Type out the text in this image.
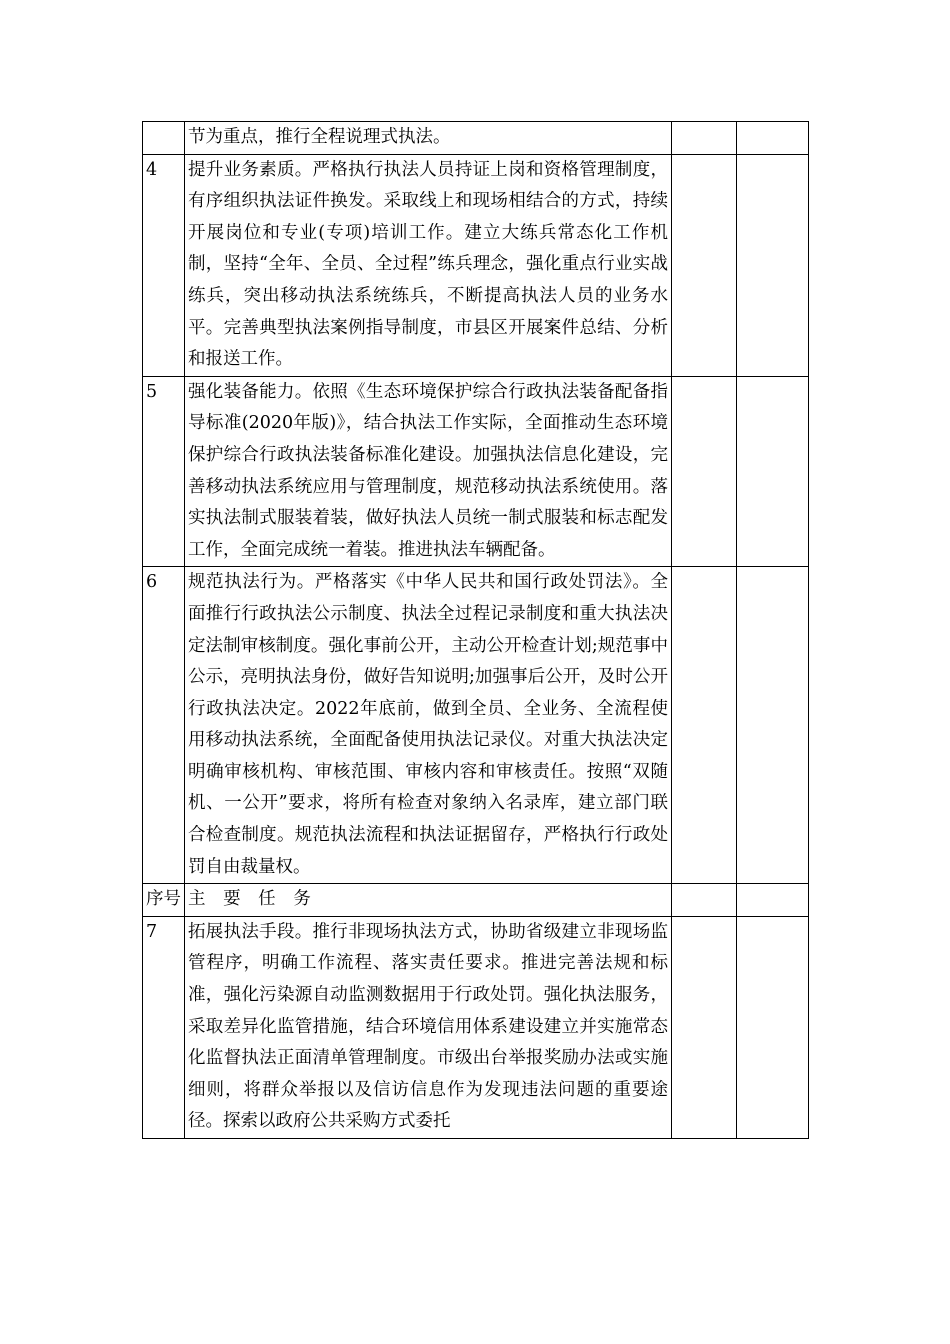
	节为重点，推行全程说理式执法。		
4	提升业务素质。严格执行执法人员持证上岗和资格管理制度，有序组织执法证件换发。采取线上和现场相结合的方式，持续开展岗位和专业(专项)培训工作。建立大练兵常态化工作机制，坚持“全年、全员、全过程”练兵理念，强化重点行业实战练兵，突出移动执法系统练兵，不断提高执法人员的业务水平。完善典型执法案例指导制度，市县区开展案件总结、分析和报送工作。		
5	强化装备能力。依照《生态环境保护综合行政执法装备配备指导标准(2020年版)》，结合执法工作实际，全面推动生态环境保护综合行政执法装备标准化建设。加强执法信息化建设，完善移动执法系统应用与管理制度，规范移动执法系统使用。落实执法制式服装着装，做好执法人员统一制式服装和标志配发工作，全面完成统一着装。推进执法车辆配备。		
6	规范执法行为。严格落实《中华人民共和国行政处罚法》。全面推行行政执法公示制度、执法全过程记录制度和重大执法决定法制审核制度。强化事前公开，主动公开检查计划;规范事中公示，亮明执法身份，做好告知说明;加强事后公开，及时公开行政执法决定。2022年底前，做到全员、全业务、全流程使用移动执法系统，全面配备使用执法记录仪。对重大执法决定明确审核机构、审核范围、审核内容和审核责任。按照“双随机、一公开”要求，将所有检查对象纳入名录库，建立部门联合检查制度。规范执法流程和执法证据留存，严格执行行政处罚自由裁量权。		
序号	主 要 任 务		
7	拓展执法手段。推行非现场执法方式，协助省级建立非现场监管程序，明确工作流程、落实责任要求。推进完善法规和标准，强化污染源自动监测数据用于行政处罚。强化执法服务，采取差异化监管措施，结合环境信用体系建设建立并实施常态化监督执法正面清单管理制度。市级出台举报奖励办法或实施细则，将群众举报以及信访信息作为发现违法问题的重要途径。探索以政府公共采购方式委托		
